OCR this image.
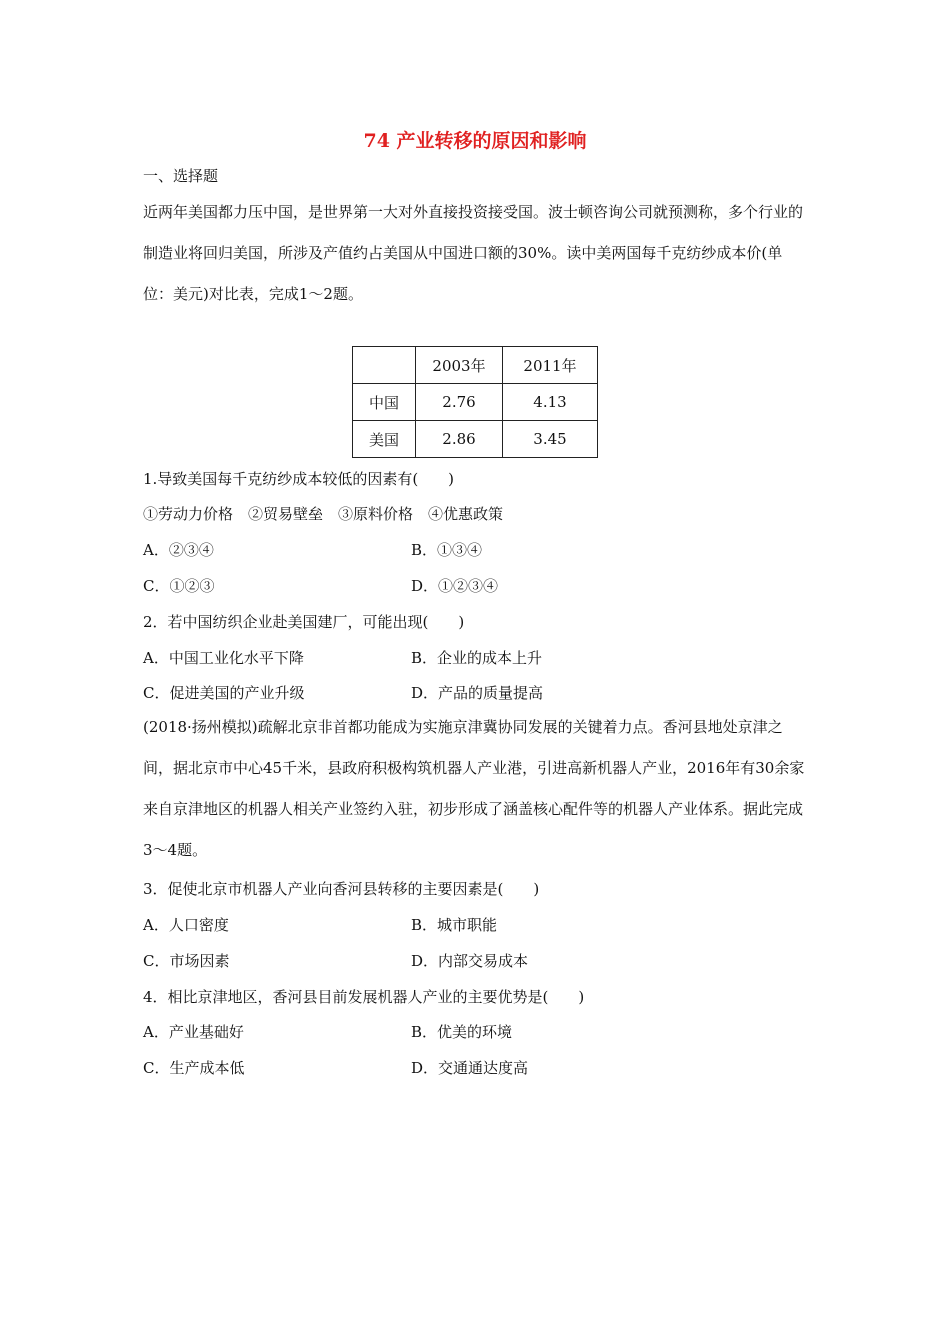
74 产业转移的原因和影响
一、选择题
近两年美国都力压中国，是世界第一大对外直接投资接受国。波士顿咨询公司就预测称，多个行业的制造业将回归美国，所涉及产值约占美国从中国进口额的30%。读中美两国每千克纺纱成本价(单位：美元)对比表，完成1～2题。
	2003年	2011年
中国	2.76	4.13
美国	2.86	3.45
1.导致美国每千克纺纱成本较低的因素有(　　)
①劳动力价格　②贸易壁垒　③原料价格　④优惠政策
A．②③④	B．①③④
C．①②③	D．①②③④
2．若中国纺织企业赴美国建厂，可能出现(　　)
A．中国工业化水平下降	B．企业的成本上升
C．促进美国的产业升级	D．产品的质量提高
(2018·扬州模拟)疏解北京非首都功能成为实施京津冀协同发展的关键着力点。香河县地处京津之间，据北京市中心45千米，县政府积极构筑机器人产业港，引进高新机器人产业，2016年有30余家来自京津地区的机器人相关产业签约入驻，初步形成了涵盖核心配件等的机器人产业体系。据此完成3～4题。
3．促使北京市机器人产业向香河县转移的主要因素是(　　)
A．人口密度	B．城市职能
C．市场因素	D．内部交易成本
4．相比京津地区，香河县目前发展机器人产业的主要优势是(　　)
A．产业基础好	B．优美的环境
C．生产成本低	D．交通通达度高
